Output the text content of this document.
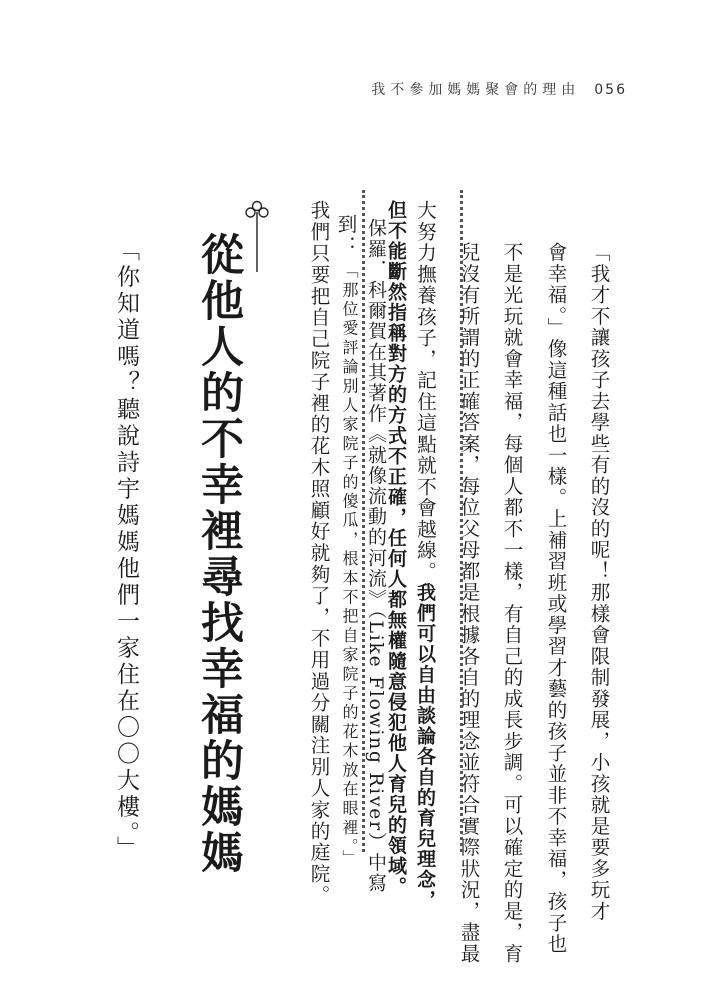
我不參加媽媽聚會的理由 056
「我才不讓孩子去學些有的沒的呢！那樣會限制發展，小孩就是要多玩才
會幸福。」像這種話也一樣。上補習班或學習才藝的孩子並非不幸福，孩子也
不是光玩就會幸福，每個人都不一樣，有自己的成長步調。可以確定的是，育
兒沒有所謂的正確答案，每位父母都是根據各自的理念並符合實際狀況，盡最
大努力撫養孩子，記住這點就不會越線。我們可以自由談論各自的育兒理念，
但不能斷然指稱對方的方式不正確，任何人都無權隨意侵犯他人育兒的領域。
保羅．科爾賀在其著作《就像流動的河流》（Like Flowing River）中寫
到：
「那位愛評論別人家院子的傻瓜，根本不把自家院子的花木放在眼裡。」
我們只要把自己院子裡的花木照顧好就夠了，不用過分關注別人家的庭院。
從他人的不幸裡尋找幸福的媽媽
「你知道嗎？聽說詩宇媽媽他們一家住在〇〇大樓。」
